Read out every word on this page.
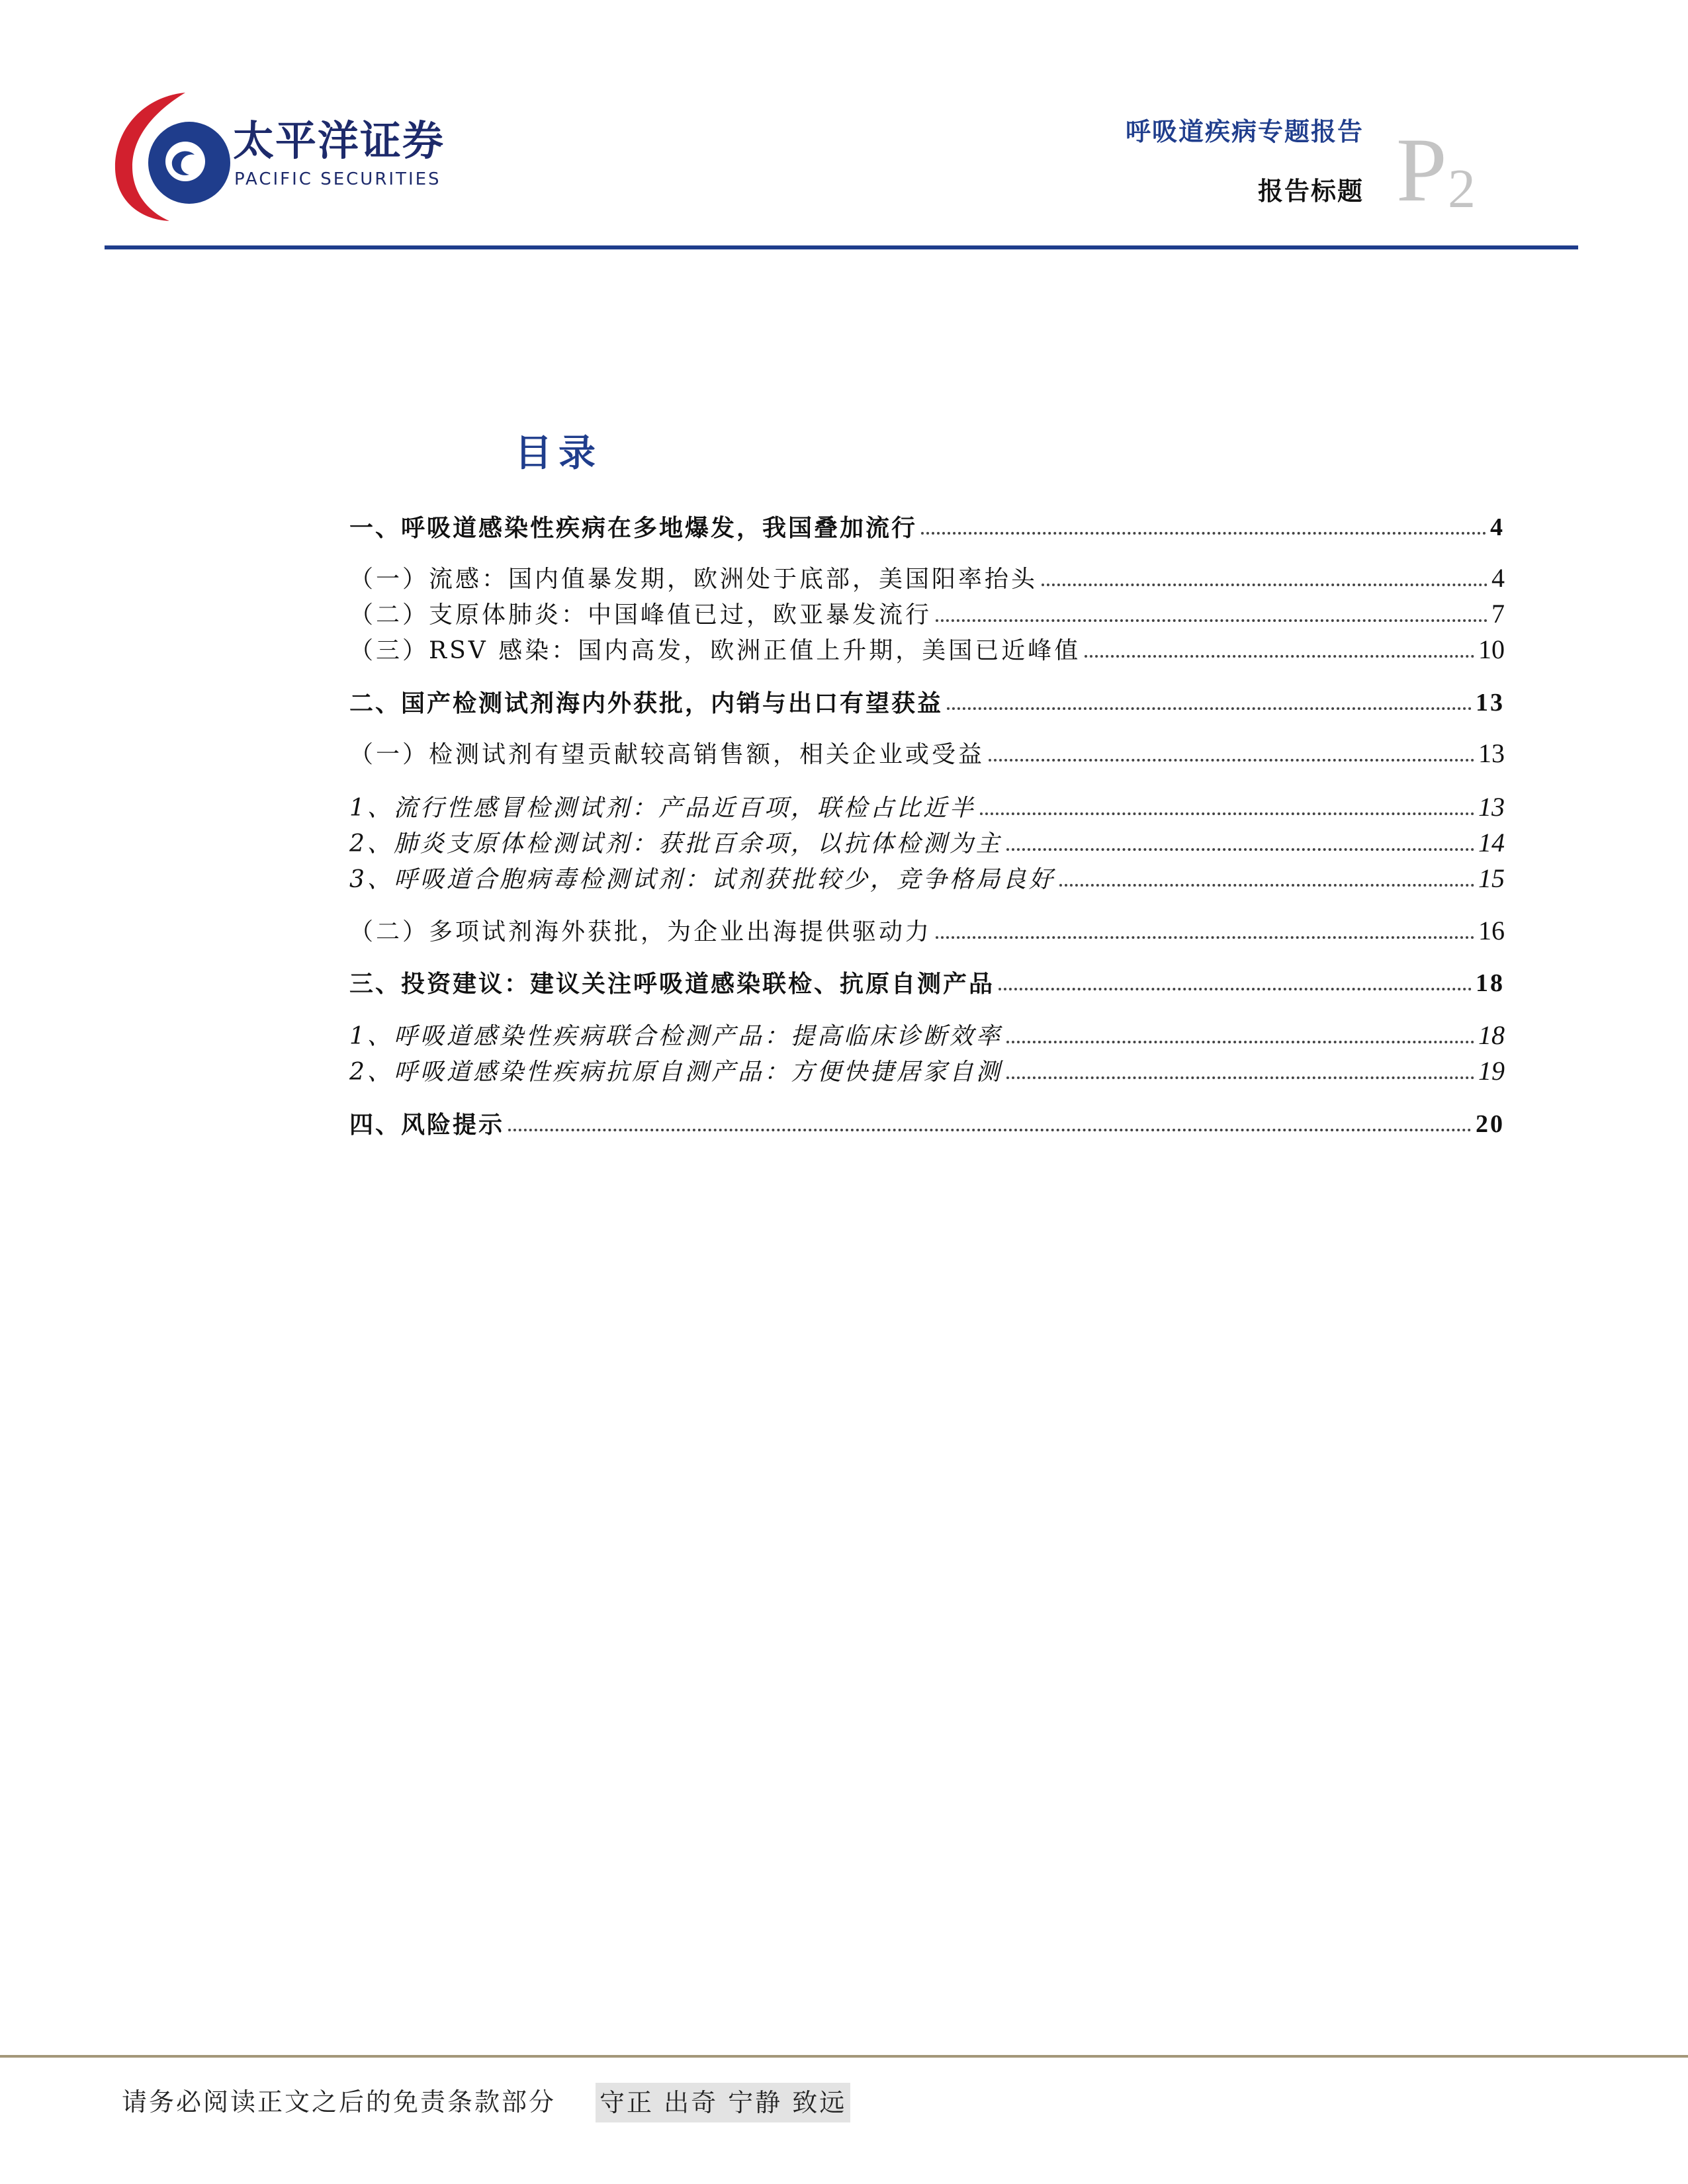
太平洋证券
PACIFIC SECURITIES
呼吸道疾病专题报告
报告标题 P 2
目录
一、呼吸道感染性疾病在多地爆发，我国叠加流行	4
（一）流感：国内值暴发期，欧洲处于底部，美国阳率抬头	4
（二）支原体肺炎：中国峰值已过，欧亚暴发流行	7
（三）RSV 感染：国内高发，欧洲正值上升期，美国已近峰值	10
二、国产检测试剂海内外获批，内销与出口有望获益	13
（一）检测试剂有望贡献较高销售额，相关企业或受益	13
1、流行性感冒检测试剂：产品近百项，联检占比近半	13
2、肺炎支原体检测试剂：获批百余项，以抗体检测为主	14
3、呼吸道合胞病毒检测试剂：试剂获批较少，竞争格局良好	15
（二）多项试剂海外获批，为企业出海提供驱动力	16
三、投资建议：建议关注呼吸道感染联检、抗原自测产品	18
1、呼吸道感染性疾病联合检测产品：提高临床诊断效率	18
2、呼吸道感染性疾病抗原自测产品：方便快捷居家自测	19
四、风险提示	20
请务必阅读正文之后的免责条款部分 守正 出奇 宁静 致远
